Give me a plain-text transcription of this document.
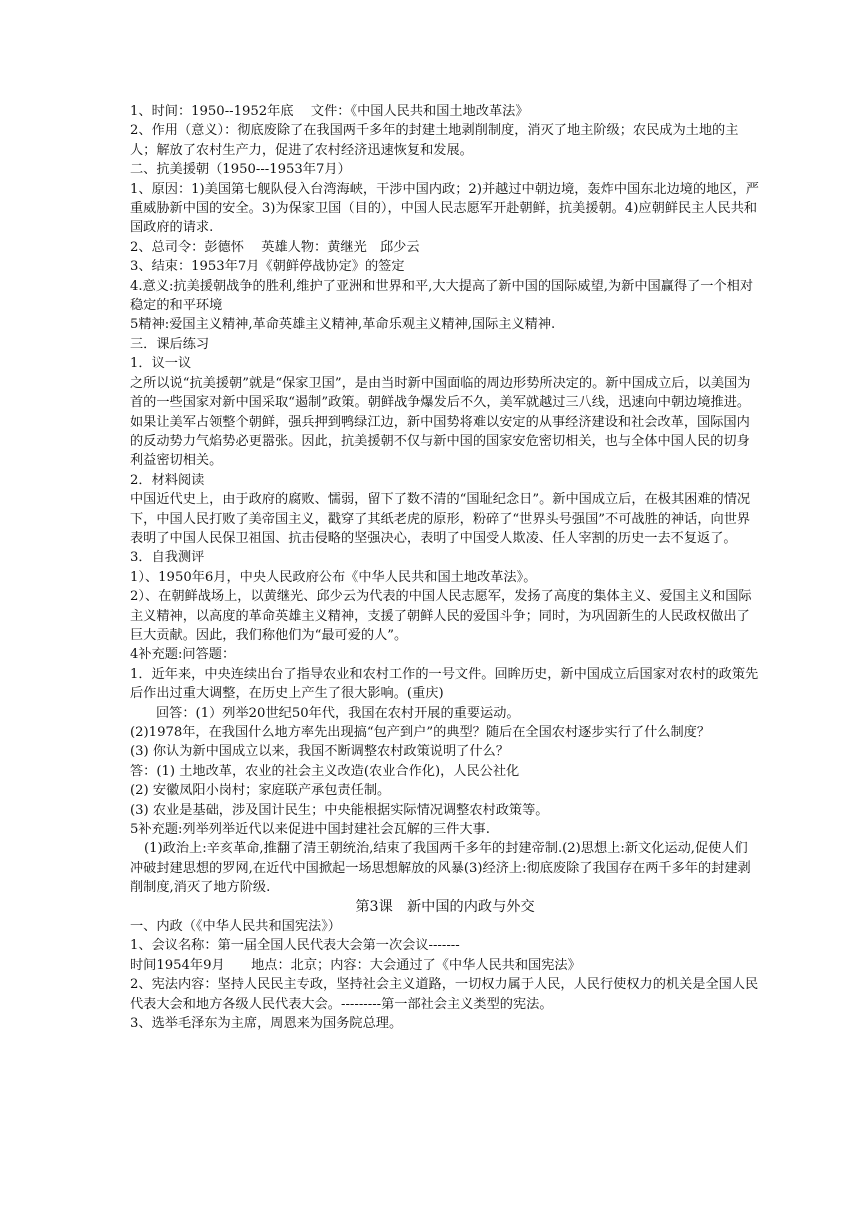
1、时间：1950--1952年底　 文件：《中国人民共和国土地改革法》
2、作用（意义）：彻底废除了在我国两千多年的封建土地剥削制度，消灭了地主阶级；农民成为土地的主人；解放了农村生产力，促进了农村经济迅速恢复和发展。
二、抗美援朝（1950---1953年7月）
1、原因：1)美国第七舰队侵入台湾海峡，干涉中国内政；2)并越过中朝边境，轰炸中国东北边境的地区，严重威胁新中国的安全。3)为保家卫国（目的），中国人民志愿军开赴朝鲜，抗美援朝。4)应朝鲜民主人民共和国政府的请求.
2、总司令：彭德怀　 英雄人物：黄继光　邱少云
3、结束：1953年7月《朝鲜停战协定》的签定
4.意义:抗美援朝战争的胜利,维护了亚洲和世界和平,大大提高了新中国的国际威望,为新中国赢得了一个相对稳定的和平环境
5精神:爱国主义精神,革命英雄主义精神,革命乐观主义精神,国际主义精神.
三．课后练习
1．议一议
之所以说“抗美援朝”就是“保家卫国”，是由当时新中国面临的周边形势所决定的。新中国成立后，以美国为首的一些国家对新中国采取“遏制”政策。朝鲜战争爆发后不久，美军就越过三八线，迅速向中朝边境推进。如果让美军占领整个朝鲜，强兵押到鸭绿江边，新中国势将难以安定的从事经济建设和社会改革，国际国内的反动势力气焰势必更嚣张。因此，抗美援朝不仅与新中国的国家安危密切相关，也与全体中国人民的切身利益密切相关。
2．材料阅读
中国近代史上，由于政府的腐败、懦弱，留下了数不清的“国耻纪念日”。新中国成立后，在极其困难的情况下，中国人民打败了美帝国主义，戳穿了其纸老虎的原形，粉碎了“世界头号强国”不可战胜的神话，向世界表明了中国人民保卫祖国、抗击侵略的坚强决心，表明了中国受人欺凌、任人宰割的历史一去不复返了。
3．自我测评
1）、1950年6月，中央人民政府公布《中华人民共和国土地改革法》。
2）、在朝鲜战场上，以黄继光、邱少云为代表的中国人民志愿军，发扬了高度的集体主义、爱国主义和国际主义精神，以高度的革命英雄主义精神，支援了朝鲜人民的爱国斗争；同时，为巩固新生的人民政权做出了巨大贡献。因此，我们称他们为“最可爱的人”。
4补充题:问答题：
1．近年来，中央连续出台了指导农业和农村工作的一号文件。回眸历史，新中国成立后国家对农村的政策先后作出过重大调整，在历史上产生了很大影响。(重庆)
回答：(1）列举20世纪50年代，我国在农村开展的重要运动。
(2)1978年，在我国什么地方率先出现搞“包产到户”的典型？随后在全国农村逐步实行了什么制度？
(3) 你认为新中国成立以来，我国不断调整农村政策说明了什么？
答：(1) 土地改革，农业的社会主义改造(农业合作化)，人民公社化
(2) 安徽凤阳小岗村；家庭联产承包责任制。
(3) 农业是基础，涉及国计民生；中央能根据实际情况调整农村政策等。
5补充题:列举列举近代以来促进中国封建社会瓦解的三件大事.
(1)政治上:辛亥革命,推翻了清王朝统治,结束了我国两千多年的封建帝制.(2)思想上:新文化运动,促使人们冲破封建思想的罗网,在近代中国掀起一场思想解放的风暴(3)经济上:彻底废除了我国存在两千多年的封建剥削制度,消灭了地方阶级.
第3课　新中国的内政与外交
一、内政（《中华人民共和国宪法》）
1、会议名称：第一届全国人民代表大会第一次会议-------
时间1954年9月　　地点：北京；内容：大会通过了《中华人民共和国宪法》
2、宪法内容：坚持人民民主专政，坚持社会主义道路，一切权力属于人民，人民行使权力的机关是全国人民代表大会和地方各级人民代表大会。---------第一部社会主义类型的宪法。
3、选举毛泽东为主席，周恩来为国务院总理。
